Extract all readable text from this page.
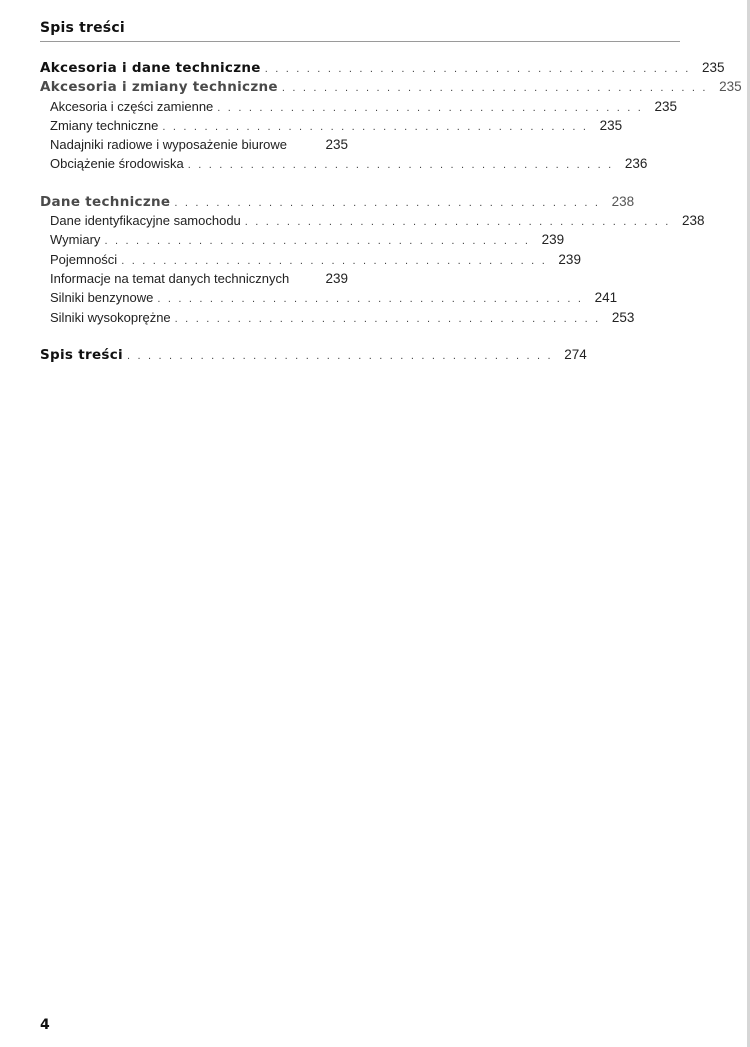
Spis treści
Akcesoria i dane techniczne . . . . . . . . . . . . . . . . . . . . . . . . . . . . . . . . . . . . . . . . . 235
Akcesoria i zmiany techniczne . . . . . . . . . . . . . . . . . . . . . . . . . . . . . . . . . . . . . . . . . 235
Akcesoria i części zamienne . . . . . . . . . . . . . . . . . . . . . . . . . . . . . . . . . . . . . . . . . 235
Zmiany techniczne . . . . . . . . . . . . . . . . . . . . . . . . . . . . . . . . . . . . . . . . . 235
Nadajniki radiowe i wyposażenie biurowe	235
Obciążenie środowiska . . . . . . . . . . . . . . . . . . . . . . . . . . . . . . . . . . . . . . . . . 236
Dane techniczne . . . . . . . . . . . . . . . . . . . . . . . . . . . . . . . . . . . . . . . . . 238
Dane identyfikacyjne samochodu . . . . . . . . . . . . . . . . . . . . . . . . . . . . . . . . . . . . . . . . . 238
Wymiary . . . . . . . . . . . . . . . . . . . . . . . . . . . . . . . . . . . . . . . . . 239
Pojemności . . . . . . . . . . . . . . . . . . . . . . . . . . . . . . . . . . . . . . . . . 239
Informacje na temat danych technicznych	239
Silniki benzynowe . . . . . . . . . . . . . . . . . . . . . . . . . . . . . . . . . . . . . . . . . 241
Silniki wysokoprężne . . . . . . . . . . . . . . . . . . . . . . . . . . . . . . . . . . . . . . . . . 253
Spis treści . . . . . . . . . . . . . . . . . . . . . . . . . . . . . . . . . . . . . . . . . 274
4
